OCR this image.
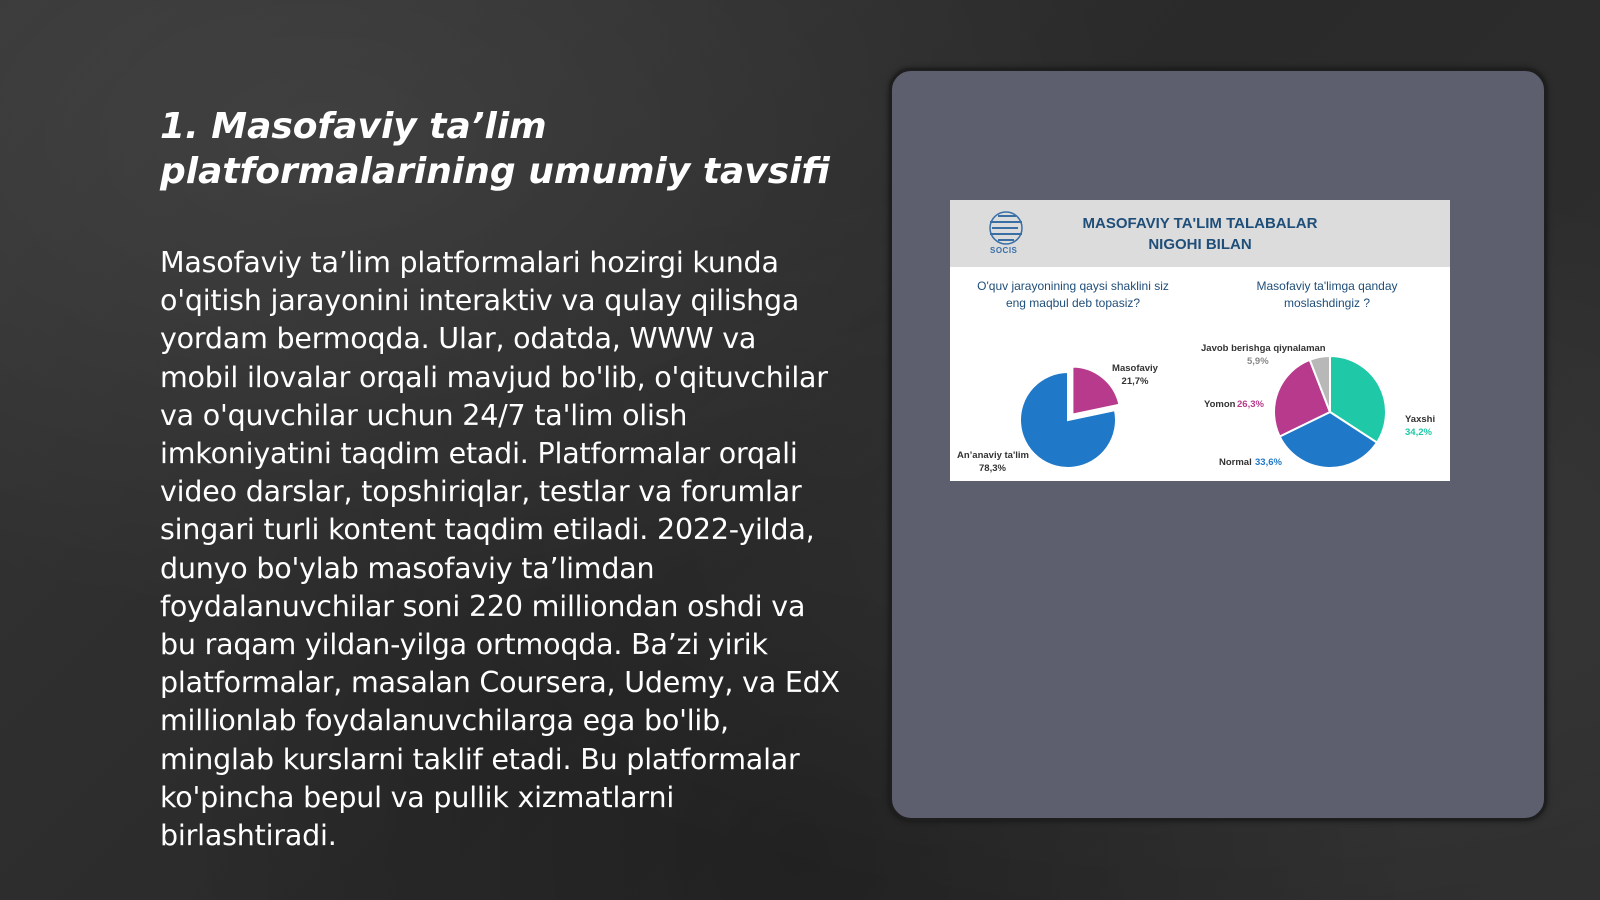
1. Masofaviy ta’lim platformalarining umumiy tavsifi

Masofaviy ta’lim platformalari hozirgi kunda o'qitish jarayonini interaktiv va qulay qilishga yordam bermoqda. Ular, odatda, WWW va mobil ilovalar orqali mavjud bo'lib, o'qituvchilar va o'quvchilar uchun 24/7 ta'lim olish imkoniyatini taqdim etadi. Platformalar orqali video darslar, topshiriqlar, testlar va forumlar singari turli kontent taqdim etiladi. 2022-yilda, dunyo bo'ylab masofaviy ta’limdan foydalanuvchilar soni 220 milliondan oshdi va bu raqam yildan-yilga ortmoqda. Ba’zi yirik platformalar, masalan Coursera, Udemy, va EdX millionlab foydalanuvchilarga ega bo'lib, minglab kurslarni taklif etadi. Bu platformalar ko'pincha bepul va pullik xizmatlarni birlashtiradi.

SOCIS
MASOFAVIY TA'LIM TALABALAR
NIGOHI BILAN
O'quv jarayonining qaysi shaklini siz
eng maqbul deb topasiz?
Masofaviy ta'limga qanday
moslashdingiz ?
Masofaviy
21,7%
An’anaviy ta'lim
78,3%
Javob berishga qiynalaman
5,9%
Yaxshi
34,2%
Yomon 26,3%
Normal 33,6%
